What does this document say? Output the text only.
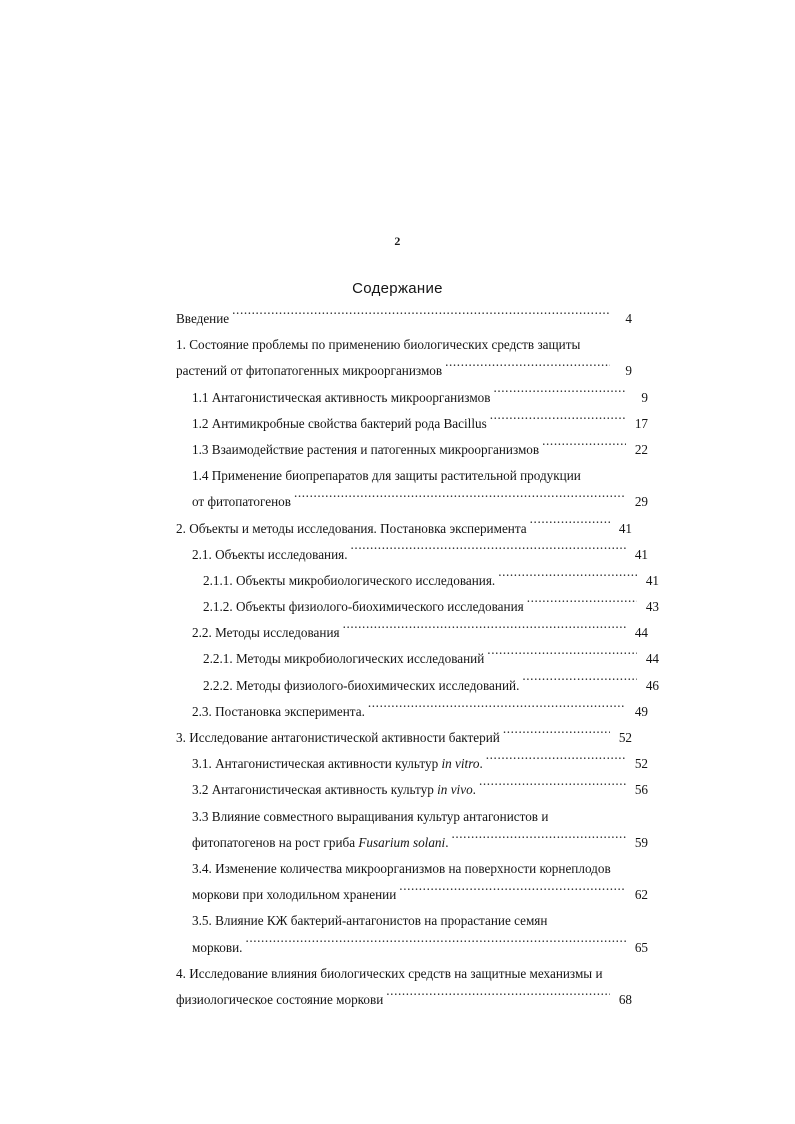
2
Содержание
Введение .....	4
1. Состояние проблемы по применению биологических средств защиты
растений от фитопатогенных микроорганизмов .....	9
1.1 Антагонистическая активность микроорганизмов .....	9
1.2 Антимикробные свойства бактерий рода Bacillus .....	17
1.3 Взаимодействие растения и патогенных микроорганизмов .....	22
1.4 Применение биопрепаратов для защиты растительной продукции
от фитопатогенов .....	29
2. Объекты и методы исследования. Постановка эксперимента .....	41
2.1. Объекты исследования. .....	41
2.1.1. Объекты микробиологического исследования. .....	41
2.1.2. Объекты физиолого-биохимического исследования .....	43
2.2. Методы исследования .....	44
2.2.1. Методы микробиологических исследований .....	44
2.2.2. Методы физиолого-биохимических исследований. .....	46
2.3. Постановка эксперимента. .....	49
3. Исследование антагонистической активности бактерий .....	52
3.1. Антагонистическая активности культур in vitro. .....	52
3.2 Антагонистическая активность культур in vivo. .....	56
3.3 Влияние совместного выращивания культур антагонистов и
фитопатогенов на рост гриба Fusarium solani. .....	59
3.4. Изменение количества микроорганизмов на поверхности корнеплодов
моркови при холодильном хранении .....	62
3.5. Влияние КЖ бактерий-антагонистов на прорастание семян
моркови. .....	65
4. Исследование влияния биологических средств на защитные механизмы и
физиологическое состояние моркови .....	68
